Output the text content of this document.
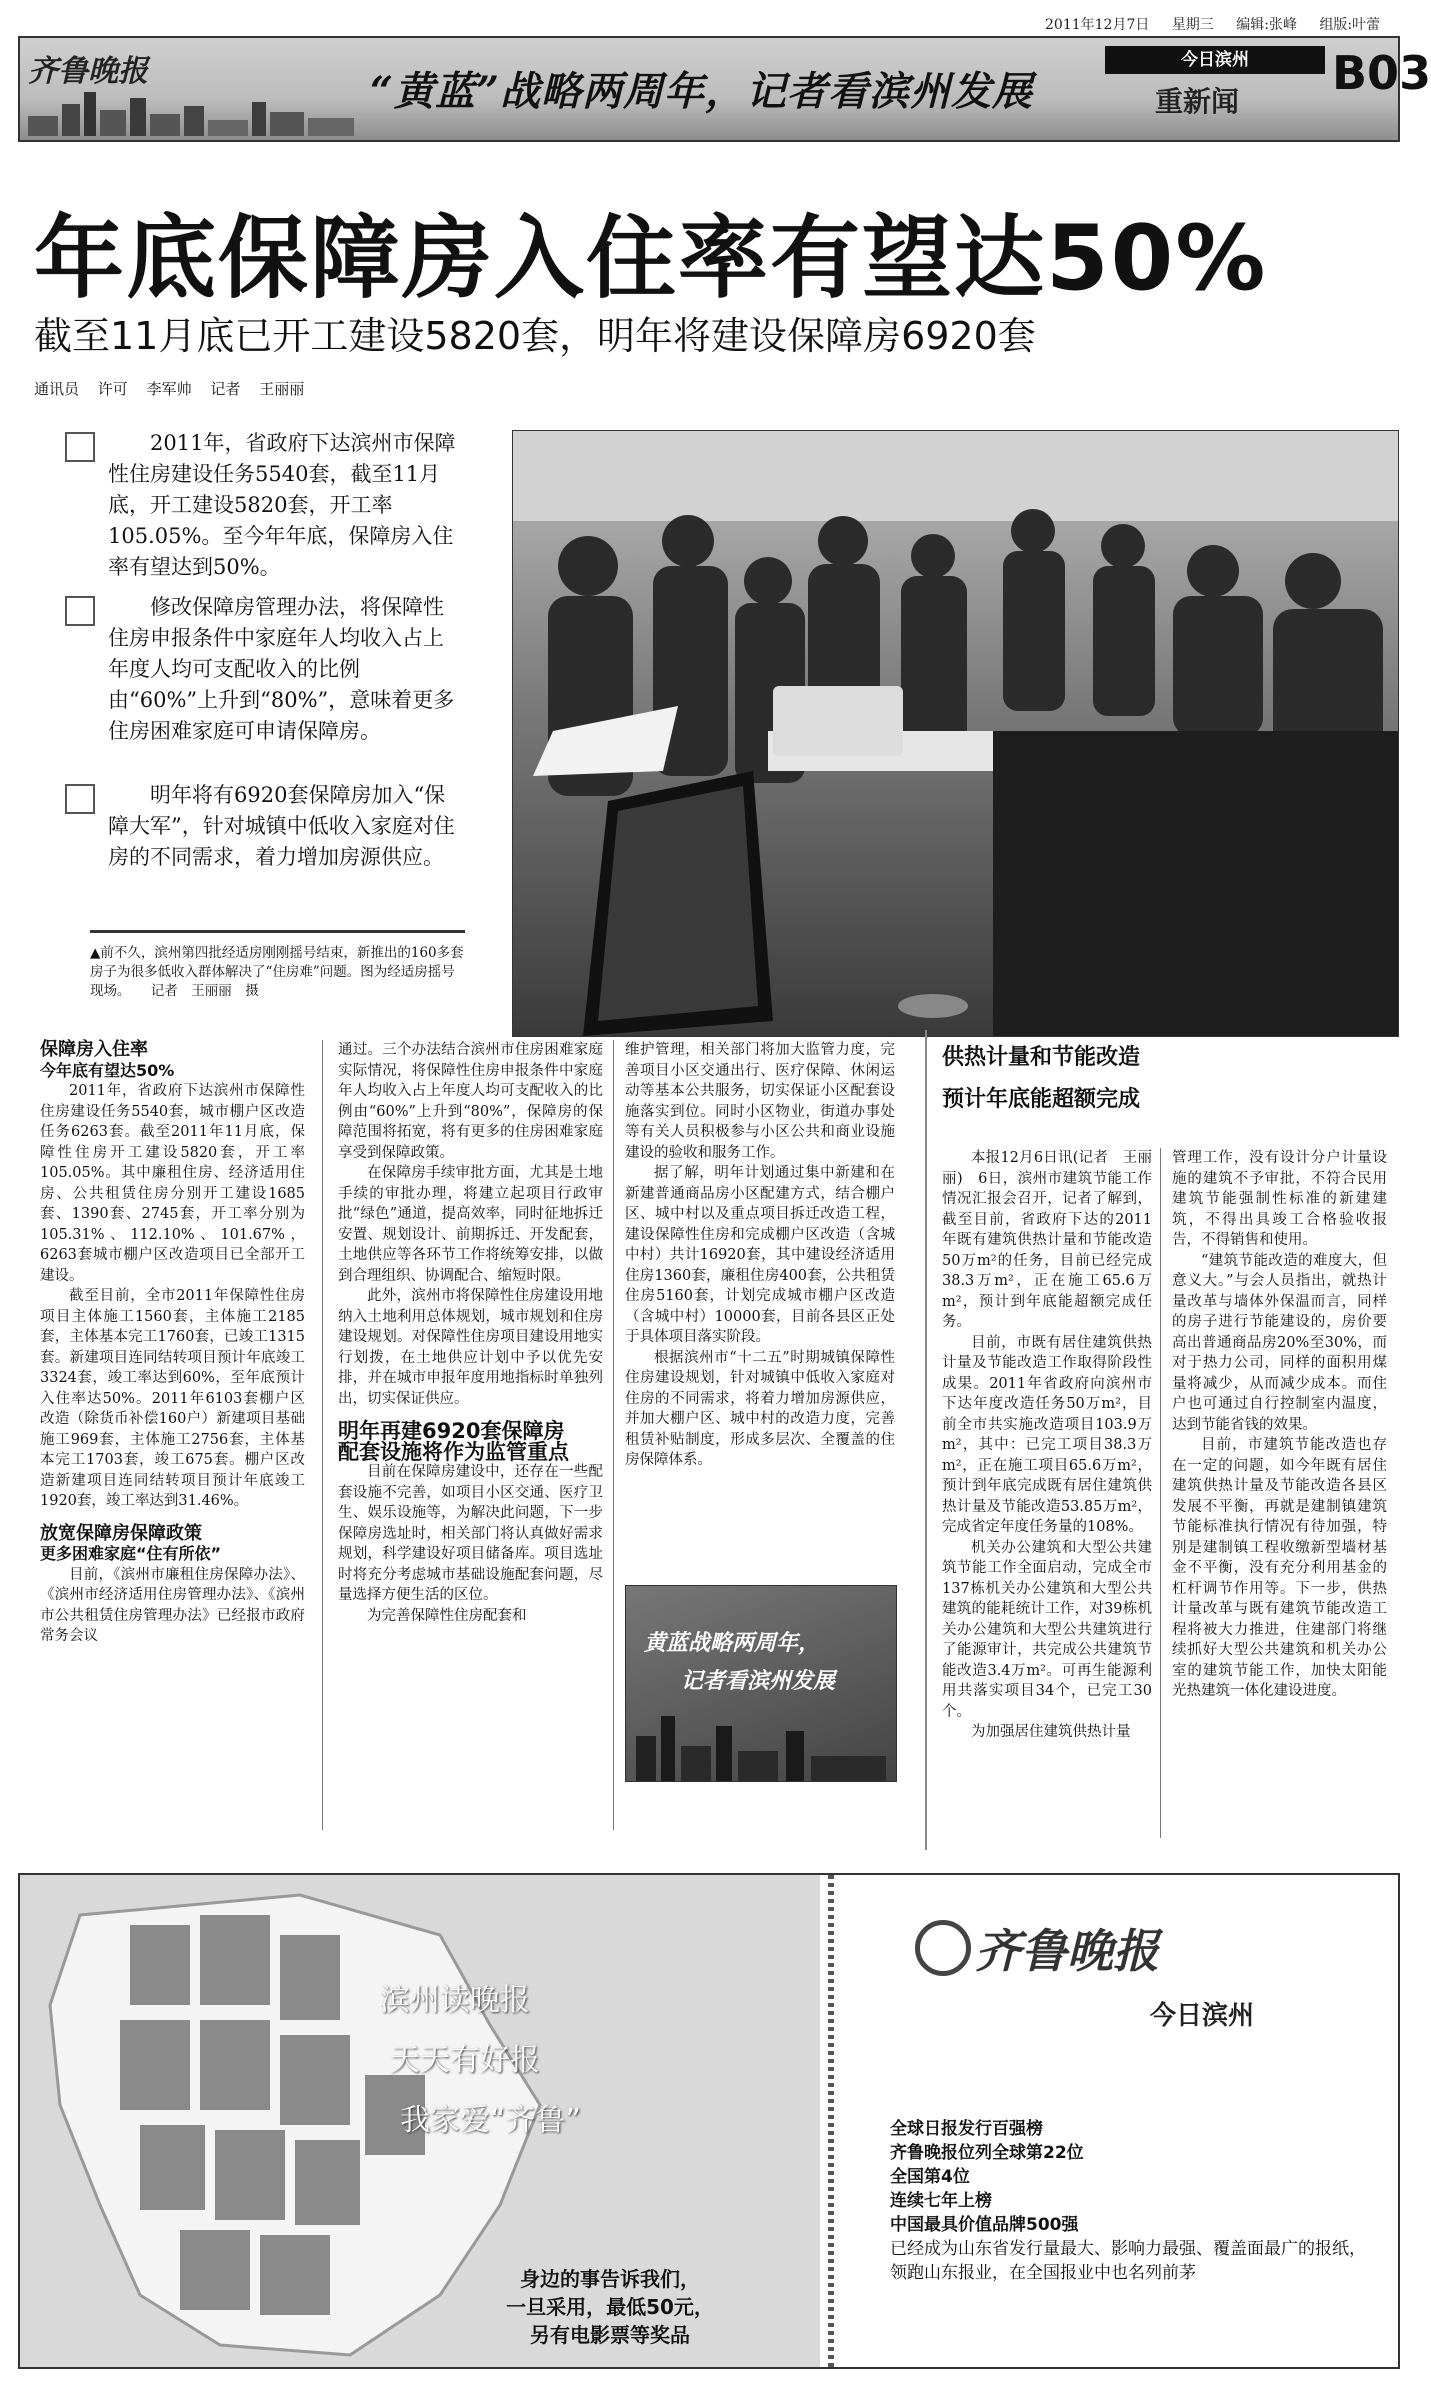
2011年12月7日 星期三 编辑:张峰 组版:叶蕾
齐鲁晚报	“黄蓝”战略两周年，记者看滨州发展
今日滨州
重新闻
B03
年底保障房入住率有望达50%
截至11月底已开工建设5820套，明年将建设保障房6920套
通讯员 许可 李军帅 记者 王丽丽
2011年，省政府下达滨州市保障性住房建设任务5540套，截至11月底，开工建设5820套，开工率105.05%。至今年年底，保障房入住率有望达到50%。
修改保障房管理办法，将保障性住房申报条件中家庭年人均收入占上年度人均可支配收入的比例由“60%”上升到“80%”，意味着更多住房困难家庭可申请保障房。
明年将有6920套保障房加入“保障大军”，针对城镇中低收入家庭对住房的不同需求，着力增加房源供应。
▲前不久，滨州第四批经适房刚刚摇号结束，新推出的160多套房子为很多低收入群体解决了“住房难”问题。图为经适房摇号现场。　　记者　王丽丽　摄

保障房入住率

今年底有望达50%

2011年，省政府下达滨州市保障性住房建设任务5540套，城市棚户区改造任务6263套。截至2011年11月底，保障性住房开工建设5820套，开工率105.05%。其中廉租住房、经济适用住房、公共租赁住房分别开工建设1685套、1390套、2745套，开工率分别为105.31%、112.10%、101.67%，6263套城市棚户区改造项目已全部开工建设。

截至目前，全市2011年保障性住房项目主体施工1560套，主体施工2185套，主体基本完工1760套，已竣工1315套。新建项目连同结转项目预计年底竣工3324套，竣工率达到60%，至年底预计入住率达50%。2011年6103套棚户区改造（除货币补偿160户）新建项目基础施工969套，主体施工2756套，主体基本完工1703套，竣工675套。棚户区改造新建项目连同结转项目预计年底竣工1920套，竣工率达到31.46%。

放宽保障房保障政策

更多困难家庭“住有所依”

目前，《滨州市廉租住房保障办法》、《滨州市经济适用住房管理办法》、《滨州市公共租赁住房管理办法》已经报市政府常务会议

通过。三个办法结合滨州市住房困难家庭实际情况，将保障性住房申报条件中家庭年人均收入占上年度人均可支配收入的比例由“60%”上升到“80%”，保障房的保障范围将拓宽，将有更多的住房困难家庭享受到保障政策。

在保障房手续审批方面，尤其是土地手续的审批办理，将建立起项目行政审批“绿色”通道，提高效率，同时征地拆迁安置、规划设计、前期拆迁、开发配套，土地供应等各环节工作将统筹安排，以做到合理组织、协调配合、缩短时限。

此外，滨州市将保障性住房建设用地纳入土地利用总体规划，城市规划和住房建设规划。对保障性住房项目建设用地实行划拨，在土地供应计划中予以优先安排，并在城市申报年度用地指标时单独列出，切实保证供应。

明年再建6920套保障房

配套设施将作为监管重点

目前在保障房建设中，还存在一些配套设施不完善，如项目小区交通、医疗卫生、娱乐设施等，为解决此问题，下一步保障房选址时，相关部门将认真做好需求规划，科学建设好项目储备库。项目选址时将充分考虑城市基础设施配套问题，尽量选择方便生活的区位。

为完善保障性住房配套和

维护管理，相关部门将加大监管力度，完善项目小区交通出行、医疗保障、休闲运动等基本公共服务，切实保证小区配套设施落实到位。同时小区物业，街道办事处等有关人员积极参与小区公共和商业设施建设的验收和服务工作。

据了解，明年计划通过集中新建和在新建普通商品房小区配建方式，结合棚户区、城中村以及重点项目拆迁改造工程，建设保障性住房和完成棚户区改造（含城中村）共计16920套，其中建设经济适用住房1360套，廉租住房400套，公共租赁住房5160套，计划完成城市棚户区改造（含城中村）10000套，目前各县区正处于具体项目落实阶段。

根据滨州市“十二五”时期城镇保障性住房建设规划，针对城镇中低收入家庭对住房的不同需求，将着力增加房源供应，并加大棚户区、城中村的改造力度，完善租赁补贴制度，形成多层次、全覆盖的住房保障体系。

黄蓝战略两周年，
记者看滨州发展
供热计量和节能改造
预计年底能超额完成

本报12月6日讯(记者　王丽丽)　6日，滨州市建筑节能工作情况汇报会召开，记者了解到，截至目前，省政府下达的2011年既有建筑供热计量和节能改造50万m²的任务，目前已经完成38.3万m²，正在施工65.6万m²，预计到年底能超额完成任务。

目前，市既有居住建筑供热计量及节能改造工作取得阶段性成果。2011年省政府向滨州市下达年度改造任务50万m²，目前全市共实施改造项目103.9万m²，其中：已完工项目38.3万m²，正在施工项目65.6万m²，预计到年底完成既有居住建筑供热计量及节能改造53.85万m²，完成省定年度任务量的108%。

机关办公建筑和大型公共建筑节能工作全面启动，完成全市137栋机关办公建筑和大型公共建筑的能耗统计工作，对39栋机关办公建筑和大型公共建筑进行了能源审计，共完成公共建筑节能改造3.4万m²。可再生能源利用共落实项目34个，已完工30个。

为加强居住建筑供热计量

管理工作，没有设计分户计量设施的建筑不予审批，不符合民用建筑节能强制性标准的新建建筑，不得出具竣工合格验收报告，不得销售和使用。

“建筑节能改造的难度大，但意义大。”与会人员指出，就热计量改革与墙体外保温而言，同样的房子进行节能建设的，房价要高出普通商品房20%至30%，而对于热力公司，同样的面积用煤量将减少，从而减少成本。而住户也可通过自行控制室内温度，达到节能省钱的效果。

目前，市建筑节能改造也存在一定的问题，如今年既有居住建筑供热计量及节能改造各县区发展不平衡，再就是建制镇建筑节能标准执行情况有待加强，特别是建制镇工程收缴新型墙材基金不平衡，没有充分利用基金的杠杆调节作用等。下一步，供热计量改革与既有建筑节能改造工程将被大力推进，住建部门将继续抓好大型公共建筑和机关办公室的建筑节能工作，加快太阳能光热建筑一体化建设进度。

滨州读晚报
天天有好报
我家爱“齐鲁”
身边的事告诉我们，
一旦采用，最低50元，
另有电影票等奖品
齐鲁晚报
今日滨州
全球日报发行百强榜
齐鲁晚报位列全球第22位
全国第4位
连续七年上榜
中国最具价值品牌500强
已经成为山东省发行量最大、影响力最强、覆盖面最广的报纸，
领跑山东报业，在全国报业中也名列前茅
